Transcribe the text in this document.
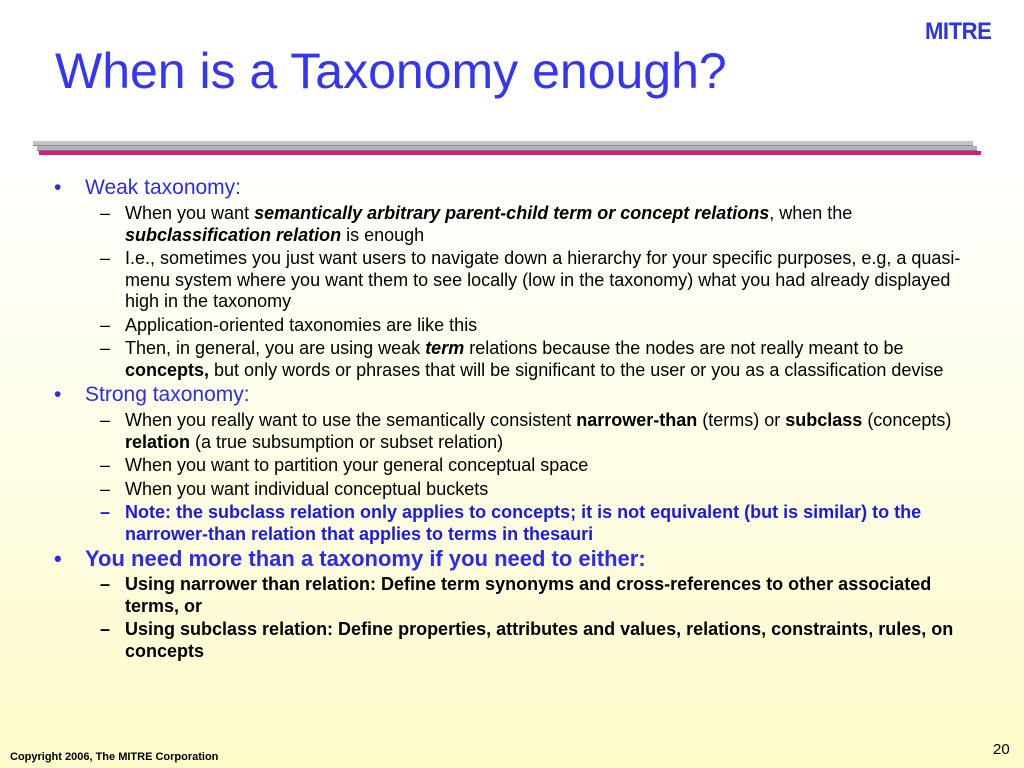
MITRE
When is a Taxonomy enough?
• Weak taxonomy:
– When you want semantically arbitrary parent-child term or concept relations, when the subclassification relation is enough
– I.e., sometimes you just want users to navigate down a hierarchy for your specific purposes, e.g, a quasi-menu system where you want them to see locally (low in the taxonomy) what you had already displayed high in the taxonomy
– Application-oriented taxonomies are like this
– Then, in general, you are using weak term relations because the nodes are not really meant to be concepts, but only words or phrases that will be significant to the user or you as a classification devise
• Strong taxonomy:
– When you really want to use the semantically consistent narrower-than (terms) or subclass (concepts) relation (a true subsumption or subset relation)
– When you want to partition your general conceptual space
– When you want individual conceptual buckets
– Note: the subclass relation only applies to concepts; it is not equivalent (but is similar) to the narrower-than relation that applies to terms in thesauri
• You need more than a taxonomy if you need to either:
– Using narrower than relation: Define term synonyms and cross-references to other associated terms, or
– Using subclass relation: Define properties, attributes and values, relations, constraints, rules, on concepts
Copyright 2006, The MITRE Corporation	20
